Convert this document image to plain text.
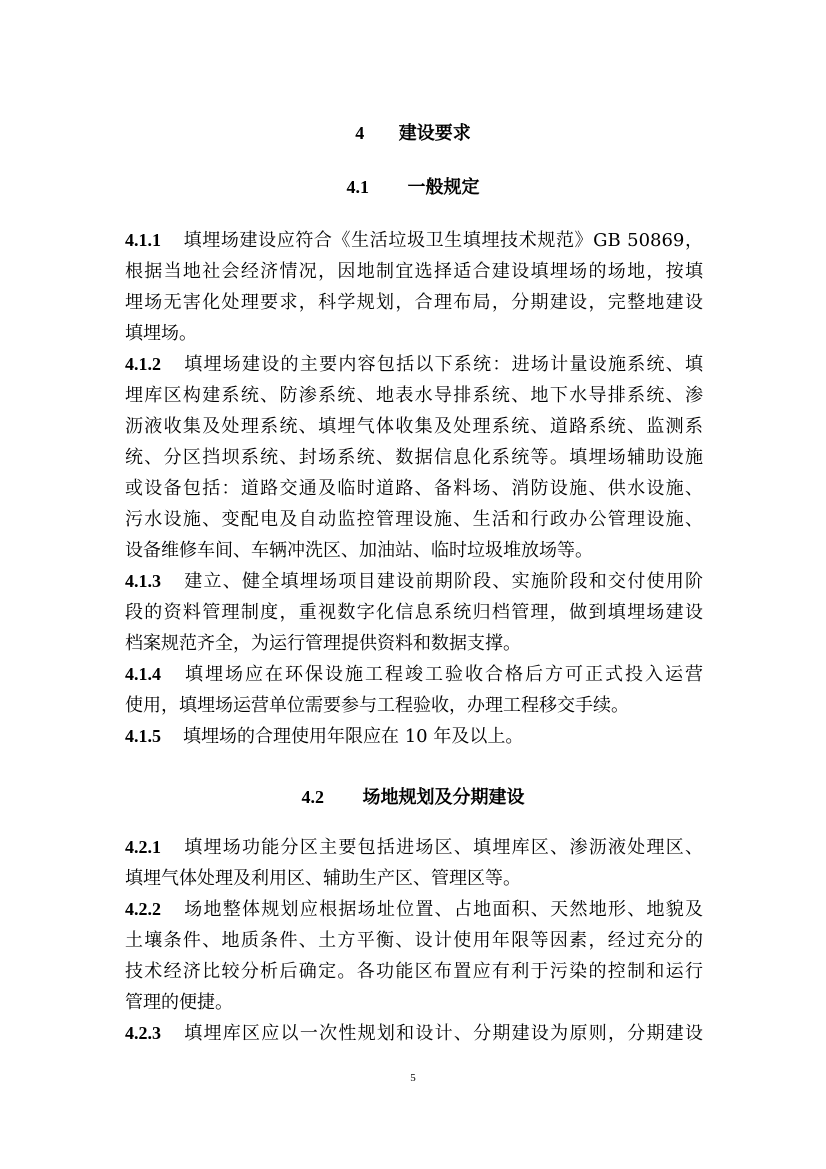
4 建设要求
4.1 一般规定
4.1.1 填埋场建设应符合《生活垃圾卫生填埋技术规范》GB 50869，
根据当地社会经济情况，因地制宜选择适合建设填埋场的场地，按填
埋场无害化处理要求，科学规划，合理布局，分期建设，完整地建设
填埋场。
4.1.2 填埋场建设的主要内容包括以下系统：进场计量设施系统、填
埋库区构建系统、防渗系统、地表水导排系统、地下水导排系统、渗
沥液收集及处理系统、填埋气体收集及处理系统、道路系统、监测系
统、分区挡坝系统、封场系统、数据信息化系统等。填埋场辅助设施
或设备包括：道路交通及临时道路、备料场、消防设施、供水设施、
污水设施、变配电及自动监控管理设施、生活和行政办公管理设施、
设备维修车间、车辆冲洗区、加油站、临时垃圾堆放场等。
4.1.3 建立、健全填埋场项目建设前期阶段、实施阶段和交付使用阶
段的资料管理制度，重视数字化信息系统归档管理，做到填埋场建设
档案规范齐全，为运行管理提供资料和数据支撑。
4.1.4 填埋场应在环保设施工程竣工验收合格后方可正式投入运营
使用，填埋场运营单位需要参与工程验收，办理工程移交手续。
4.1.5 填埋场的合理使用年限应在 10 年及以上。
4.2 场地规划及分期建设
4.2.1 填埋场功能分区主要包括进场区、填埋库区、渗沥液处理区、
填埋气体处理及利用区、辅助生产区、管理区等。
4.2.2 场地整体规划应根据场址位置、占地面积、天然地形、地貌及
土壤条件、地质条件、土方平衡、设计使用年限等因素，经过充分的
技术经济比较分析后确定。各功能区布置应有利于污染的控制和运行
管理的便捷。
4.2.3 填埋库区应以一次性规划和设计、分期建设为原则，分期建设
5
